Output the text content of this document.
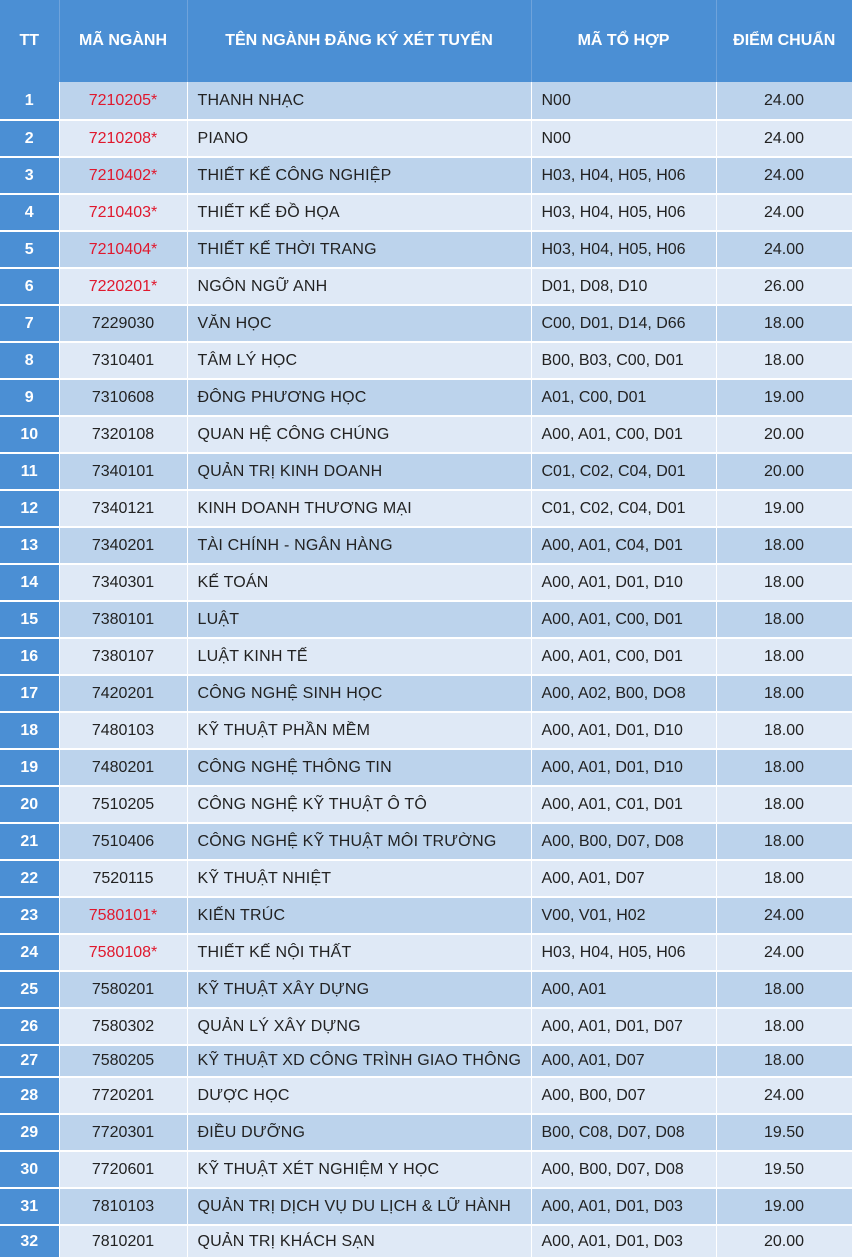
TT	MÃ NGÀNH	TÊN NGÀNH ĐĂNG KÝ XÉT TUYỂN	MÃ TỔ HỢP	ĐIỂM CHUẨN
1	7210205*	THANH NHẠC	N00	24.00
2	7210208*	PIANO	N00	24.00
3	7210402*	THIẾT KẾ CÔNG NGHIỆP	H03, H04, H05, H06	24.00
4	7210403*	THIẾT KẾ ĐỒ HỌA	H03, H04, H05, H06	24.00
5	7210404*	THIẾT KẾ THỜI TRANG	H03, H04, H05, H06	24.00
6	7220201*	NGÔN NGỮ ANH	D01, D08, D10	26.00
7	7229030	VĂN HỌC	C00, D01, D14, D66	18.00
8	7310401	TÂM LÝ HỌC	B00, B03, C00, D01	18.00
9	7310608	ĐÔNG PHƯƠNG HỌC	A01, C00, D01	19.00
10	7320108	QUAN HỆ CÔNG CHÚNG	A00, A01, C00, D01	20.00
11	7340101	QUẢN TRỊ KINH DOANH	C01, C02, C04, D01	20.00
12	7340121	KINH DOANH THƯƠNG MẠI	C01, C02, C04, D01	19.00
13	7340201	TÀI CHÍNH - NGÂN HÀNG	A00, A01, C04, D01	18.00
14	7340301	KẾ TOÁN	A00, A01, D01, D10	18.00
15	7380101	LUẬT	A00, A01, C00, D01	18.00
16	7380107	LUẬT KINH TẾ	A00, A01, C00, D01	18.00
17	7420201	CÔNG NGHỆ SINH HỌC	A00, A02, B00, DO8	18.00
18	7480103	KỸ THUẬT PHẦN MỀM	A00, A01, D01, D10	18.00
19	7480201	CÔNG NGHỆ THÔNG TIN	A00, A01, D01, D10	18.00
20	7510205	CÔNG NGHỆ KỸ THUẬT Ô TÔ	A00, A01, C01, D01	18.00
21	7510406	CÔNG NGHỆ KỸ THUẬT MÔI TRƯỜNG	A00, B00, D07, D08	18.00
22	7520115	KỸ THUẬT NHIỆT	A00, A01, D07	18.00
23	7580101*	KIẾN TRÚC	V00, V01, H02	24.00
24	7580108*	THIẾT KẾ NỘI THẤT	H03, H04, H05, H06	24.00
25	7580201	KỸ THUẬT XÂY DỰNG	A00, A01	18.00
26	7580302	QUẢN LÝ XÂY DỰNG	A00, A01, D01, D07	18.00
27	7580205	KỸ THUẬT XD CÔNG TRÌNH GIAO THÔNG	A00, A01, D07	18.00
28	7720201	DƯỢC HỌC	A00, B00, D07	24.00
29	7720301	ĐIỀU DƯỠNG	B00, C08, D07, D08	19.50
30	7720601	KỸ THUẬT XÉT NGHIỆM Y HỌC	A00, B00, D07, D08	19.50
31	7810103	QUẢN TRỊ DỊCH VỤ DU LỊCH & LỮ HÀNH	A00, A01, D01, D03	19.00
32	7810201	QUẢN TRỊ KHÁCH SẠN	A00, A01, D01, D03	20.00
